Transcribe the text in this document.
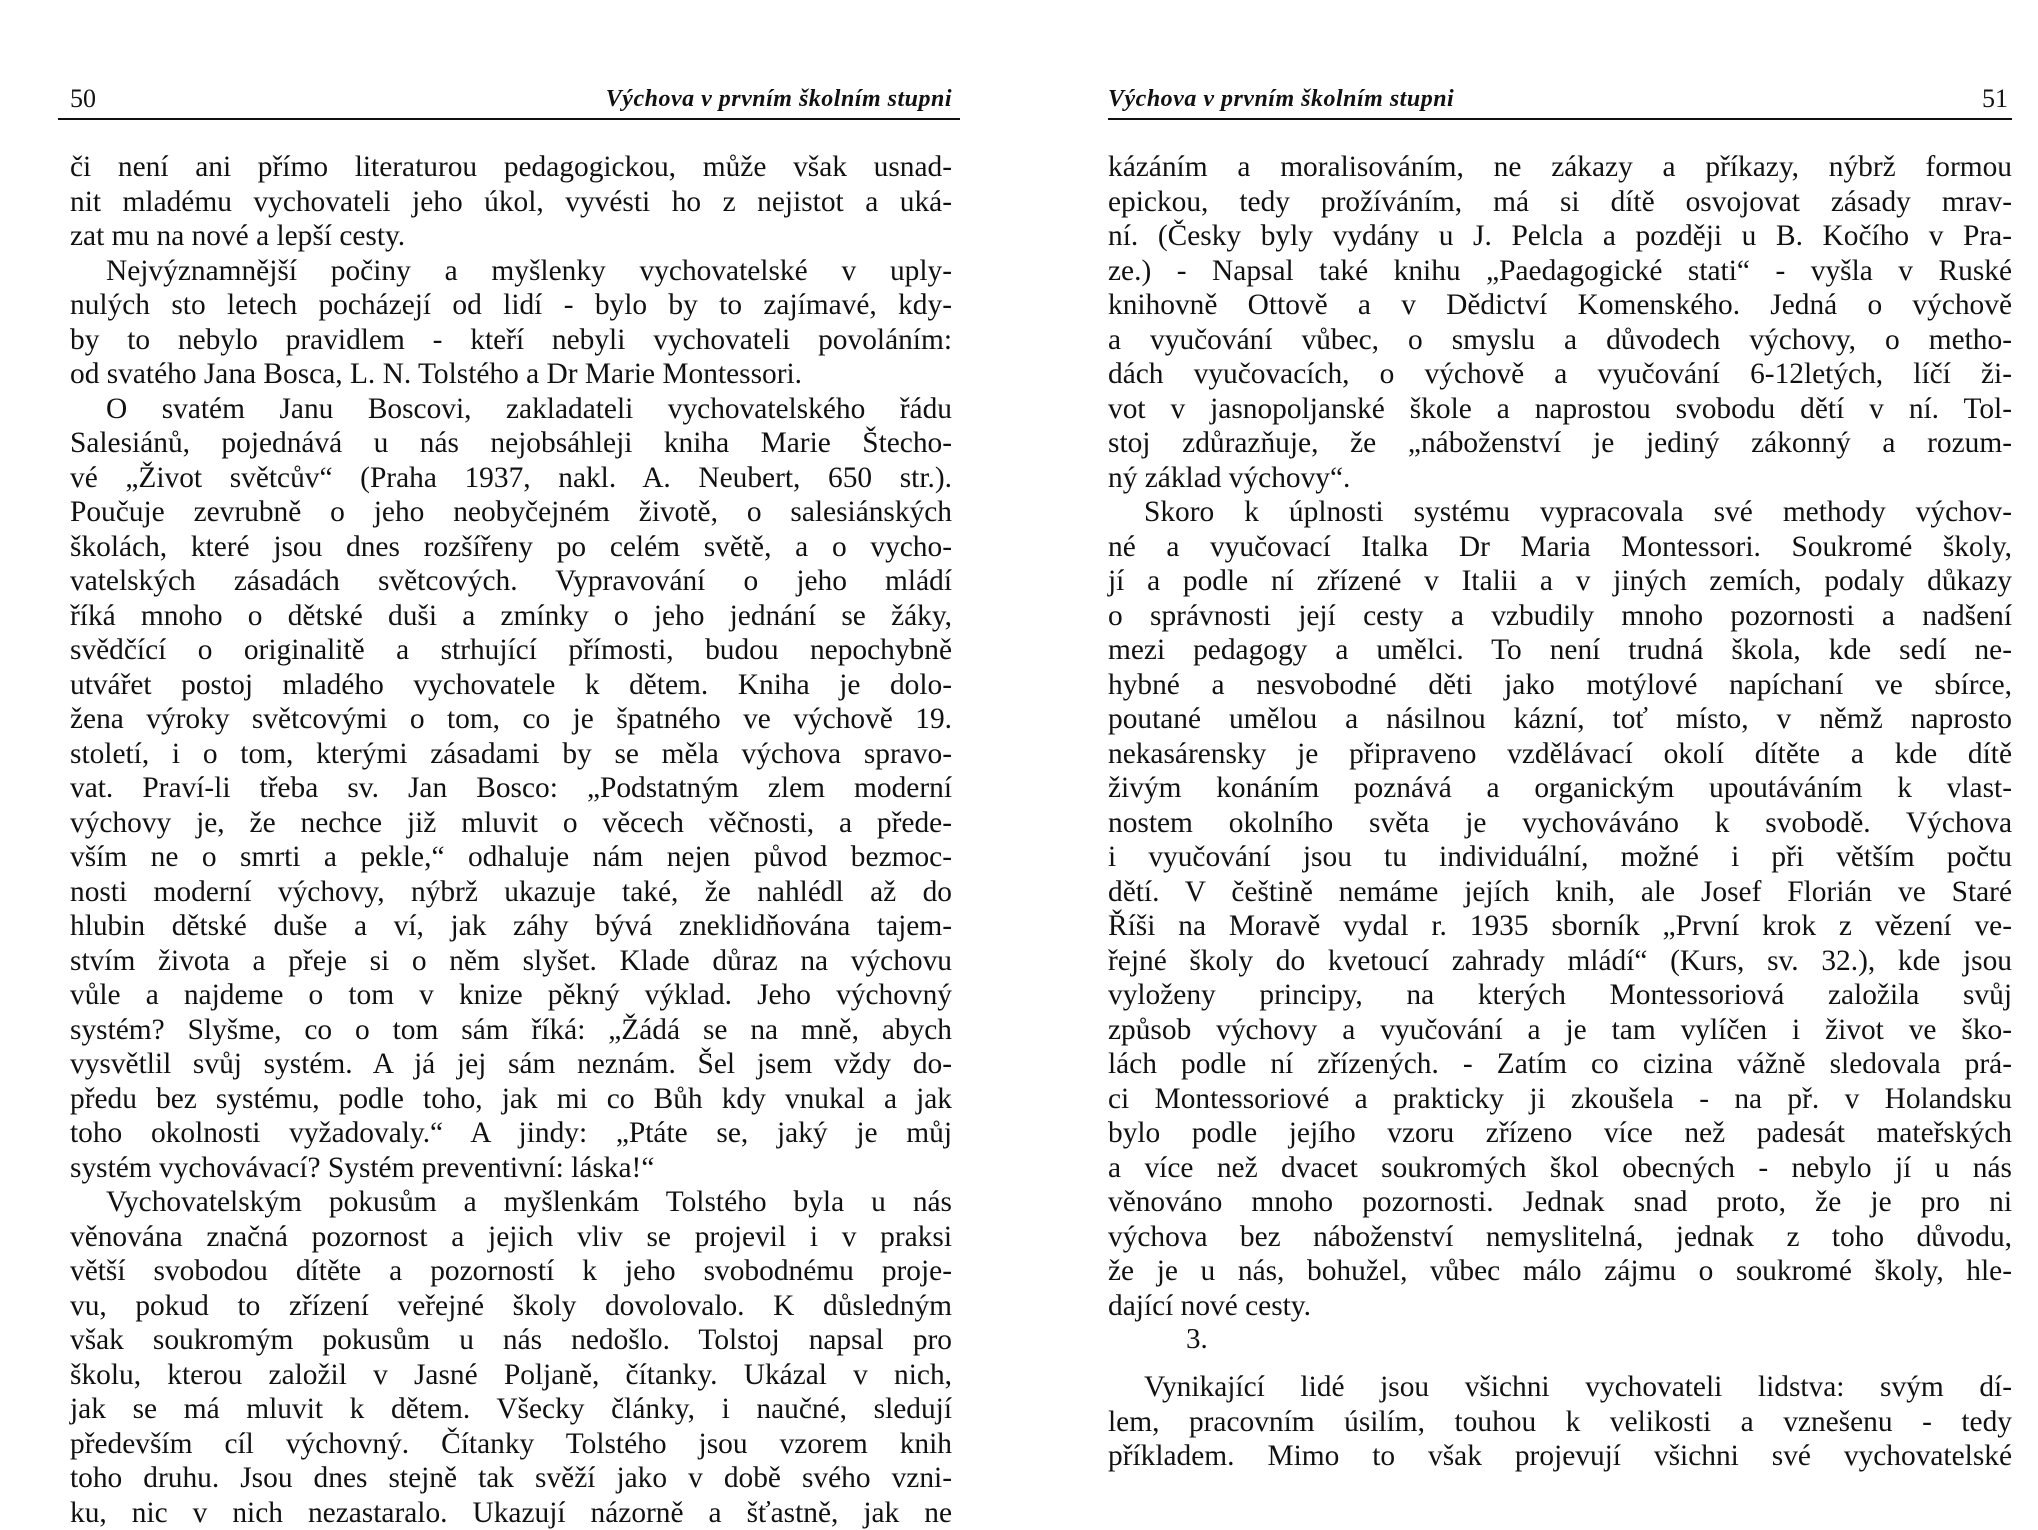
50	Výchova v prvním školním stupni
či není ani přímo literaturou pedagogickou, může však usnad-
nit mladému vychovateli jeho úkol, vyvésti ho z nejistot a uká-
zat mu na nové a lepší cesty.
Nejvýznamnější počiny a myšlenky vychovatelské v uply-
nulých sto letech pocházejí od lidí - bylo by to zajímavé, kdy-
by to nebylo pravidlem - kteří nebyli vychovateli povoláním:
od svatého Jana Bosca, L. N. Tolstého a Dr Marie Montessori.
O svatém Janu Boscovi, zakladateli vychovatelského řádu
Salesiánů, pojednává u nás nejobsáhleji kniha Marie Štecho-
vé „Život světcův“ (Praha 1937, nakl. A. Neubert, 650 str.).
Poučuje zevrubně o jeho neobyčejném životě, o salesiánských
školách, které jsou dnes rozšířeny po celém světě, a o vycho-
vatelských zásadách světcových. Vypravování o jeho mládí
říká mnoho o dětské duši a zmínky o jeho jednání se žáky,
svědčící o originalitě a strhující přímosti, budou nepochybně
utvářet postoj mladého vychovatele k dětem. Kniha je dolo-
žena výroky světcovými o tom, co je špatného ve výchově 19.
století, i o tom, kterými zásadami by se měla výchova spravo-
vat. Praví-li třeba sv. Jan Bosco: „Podstatným zlem moderní
výchovy je, že nechce již mluvit o věcech věčnosti, a přede-
vším ne o smrti a pekle,“ odhaluje nám nejen původ bezmoc-
nosti moderní výchovy, nýbrž ukazuje také, že nahlédl až do
hlubin dětské duše a ví, jak záhy bývá zneklidňována tajem-
stvím života a přeje si o něm slyšet. Klade důraz na výchovu
vůle a najdeme o tom v knize pěkný výklad. Jeho výchovný
systém? Slyšme, co o tom sám říká: „Žádá se na mně, abych
vysvětlil svůj systém. A já jej sám neznám. Šel jsem vždy do-
předu bez systému, podle toho, jak mi co Bůh kdy vnukal a jak
toho okolnosti vyžadovaly.“ A jindy: „Ptáte se, jaký je můj
systém vychovávací? Systém preventivní: láska!“
Vychovatelským pokusům a myšlenkám Tolstého byla u nás
věnována značná pozornost a jejich vliv se projevil i v praksi
větší svobodou dítěte a pozorností k jeho svobodnému proje-
vu, pokud to zřízení veřejné školy dovolovalo. K důsledným
však soukromým pokusům u nás nedošlo. Tolstoj napsal pro
školu, kterou založil v Jasné Poljaně, čítanky. Ukázal v nich,
jak se má mluvit k dětem. Všecky články, i naučné, sledují
především cíl výchovný. Čítanky Tolstého jsou vzorem knih
toho druhu. Jsou dnes stejně tak svěží jako v době svého vzni-
ku, nic v nich nezastaralo. Ukazují názorně a šťastně, jak ne
Výchova v prvním školním stupni	51
kázáním a moralisováním, ne zákazy a příkazy, nýbrž formou
epickou, tedy prožíváním, má si dítě osvojovat zásady mrav-
ní. (Česky byly vydány u J. Pelcla a později u B. Kočího v Pra-
ze.) - Napsal také knihu „Paedagogické stati“ - vyšla v Ruské
knihovně Ottově a v Dědictví Komenského. Jedná o výchově
a vyučování vůbec, o smyslu a důvodech výchovy, o metho-
dách vyučovacích, o výchově a vyučování 6-12letých, líčí ži-
vot v jasnopoljanské škole a naprostou svobodu dětí v ní. Tol-
stoj zdůrazňuje, že „náboženství je jediný zákonný a rozum-
ný základ výchovy“.
Skoro k úplnosti systému vypracovala své methody výchov-
né a vyučovací Italka Dr Maria Montessori. Soukromé školy,
jí a podle ní zřízené v Italii a v jiných zemích, podaly důkazy
o správnosti její cesty a vzbudily mnoho pozornosti a nadšení
mezi pedagogy a umělci. To není trudná škola, kde sedí ne-
hybné a nesvobodné děti jako motýlové napíchaní ve sbírce,
poutané umělou a násilnou kázní, toť místo, v němž naprosto
nekasárensky je připraveno vzdělávací okolí dítěte a kde dítě
živým konáním poznává a organickým upoutáváním k vlast-
nostem okolního světa je vychováváno k svobodě. Výchova
i vyučování jsou tu individuální, možné i při větším počtu
dětí. V češtině nemáme jejích knih, ale Josef Florián ve Staré
Říši na Moravě vydal r. 1935 sborník „První krok z vězení ve-
řejné školy do kvetoucí zahrady mládí“ (Kurs, sv. 32.), kde jsou
vyloženy principy, na kterých Montessoriová založila svůj
způsob výchovy a vyučování a je tam vylíčen i život ve ško-
lách podle ní zřízených. - Zatím co cizina vážně sledovala prá-
ci Montessoriové a prakticky ji zkoušela - na př. v Holandsku
bylo podle jejího vzoru zřízeno více než padesát mateřských
a více než dvacet soukromých škol obecných - nebylo jí u nás
věnováno mnoho pozornosti. Jednak snad proto, že je pro ni
výchova bez náboženství nemyslitelná, jednak z toho důvodu,
že je u nás, bohužel, vůbec málo zájmu o soukromé školy, hle-
dající nové cesty.
3.
Vynikající lidé jsou všichni vychovateli lidstva: svým dí-
lem, pracovním úsilím, touhou k velikosti a vznešenu - tedy
příkladem. Mimo to však projevují všichni své vychovatelské
